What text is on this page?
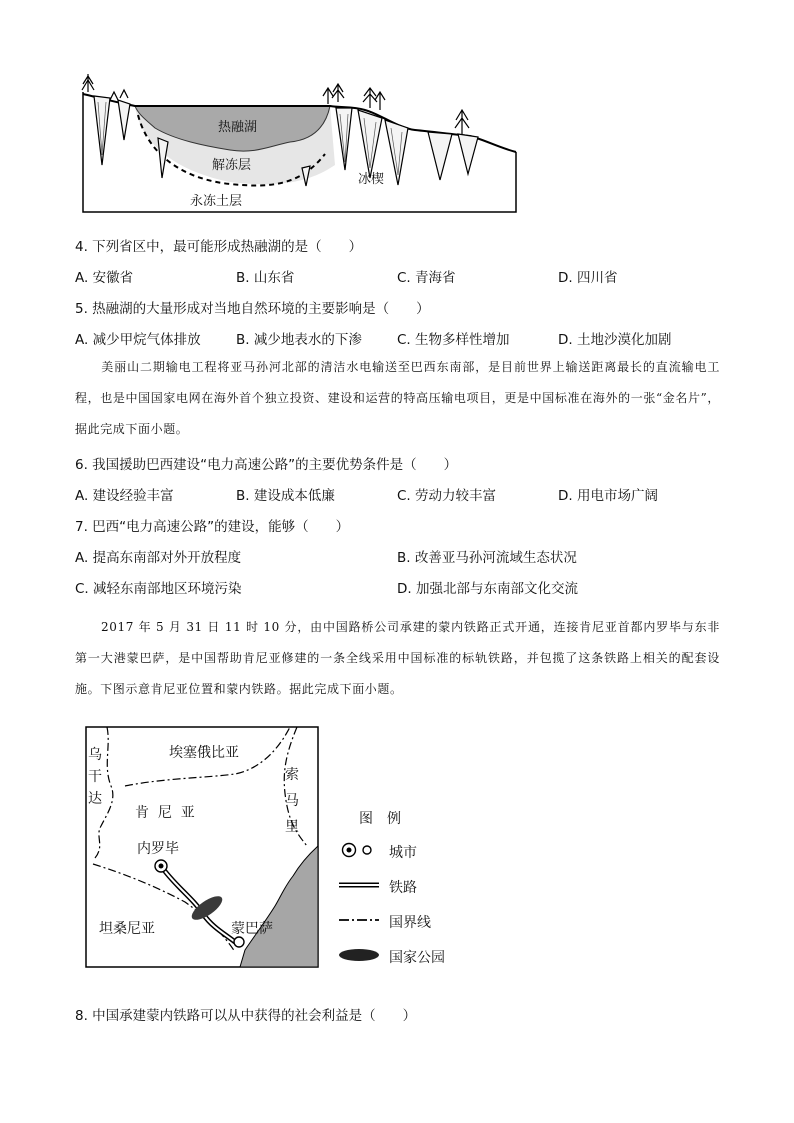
热融湖
解冻层
永冻土层
冰楔
4. 下列省区中，最可能形成热融湖的是（　　）
A. 安徽省	B. 山东省	C. 青海省	D. 四川省
5. 热融湖的大量形成对当地自然环境的主要影响是（　　）
A. 减少甲烷气体排放	B. 减少地表水的下渗	C. 生物多样性增加	D. 土地沙漠化加剧
美丽山二期输电工程将亚马孙河北部的清洁水电输送至巴西东南部，是目前世界上输送距离最长的直流输电工程，也是中国国家电网在海外首个独立投资、建设和运营的特高压输电项目，更是中国标准在海外的一张“金名片”，据此完成下面小题。
6. 我国援助巴西建设“电力高速公路”的主要优势条件是（　　）
A. 建设经验丰富	B. 建设成本低廉	C. 劳动力较丰富	D. 用电市场广阔
7. 巴西“电力高速公路”的建设，能够（　　）
A. 提高东南部对外开放程度	B. 改善亚马孙河流域生态状况
C. 减轻东南部地区环境污染	D. 加强北部与东南部文化交流
2017 年 5 月 31 日 11 时 10 分，由中国路桥公司承建的蒙内铁路正式开通，连接肯尼亚首都内罗毕与东非第一大港蒙巴萨，是中国帮助肯尼亚修建的一条全线采用中国标准的标轨铁路，并包揽了这条铁路上相关的配套设施。下图示意肯尼亚位置和蒙内铁路。据此完成下面小题。
埃塞俄比亚
乌
干
达
肯  尼  亚
索
马
里
内罗毕
蒙巴萨
坦桑尼亚
图　例
城市
铁路
国界线
国家公园
8. 中国承建蒙内铁路可以从中获得的社会利益是（　　）
